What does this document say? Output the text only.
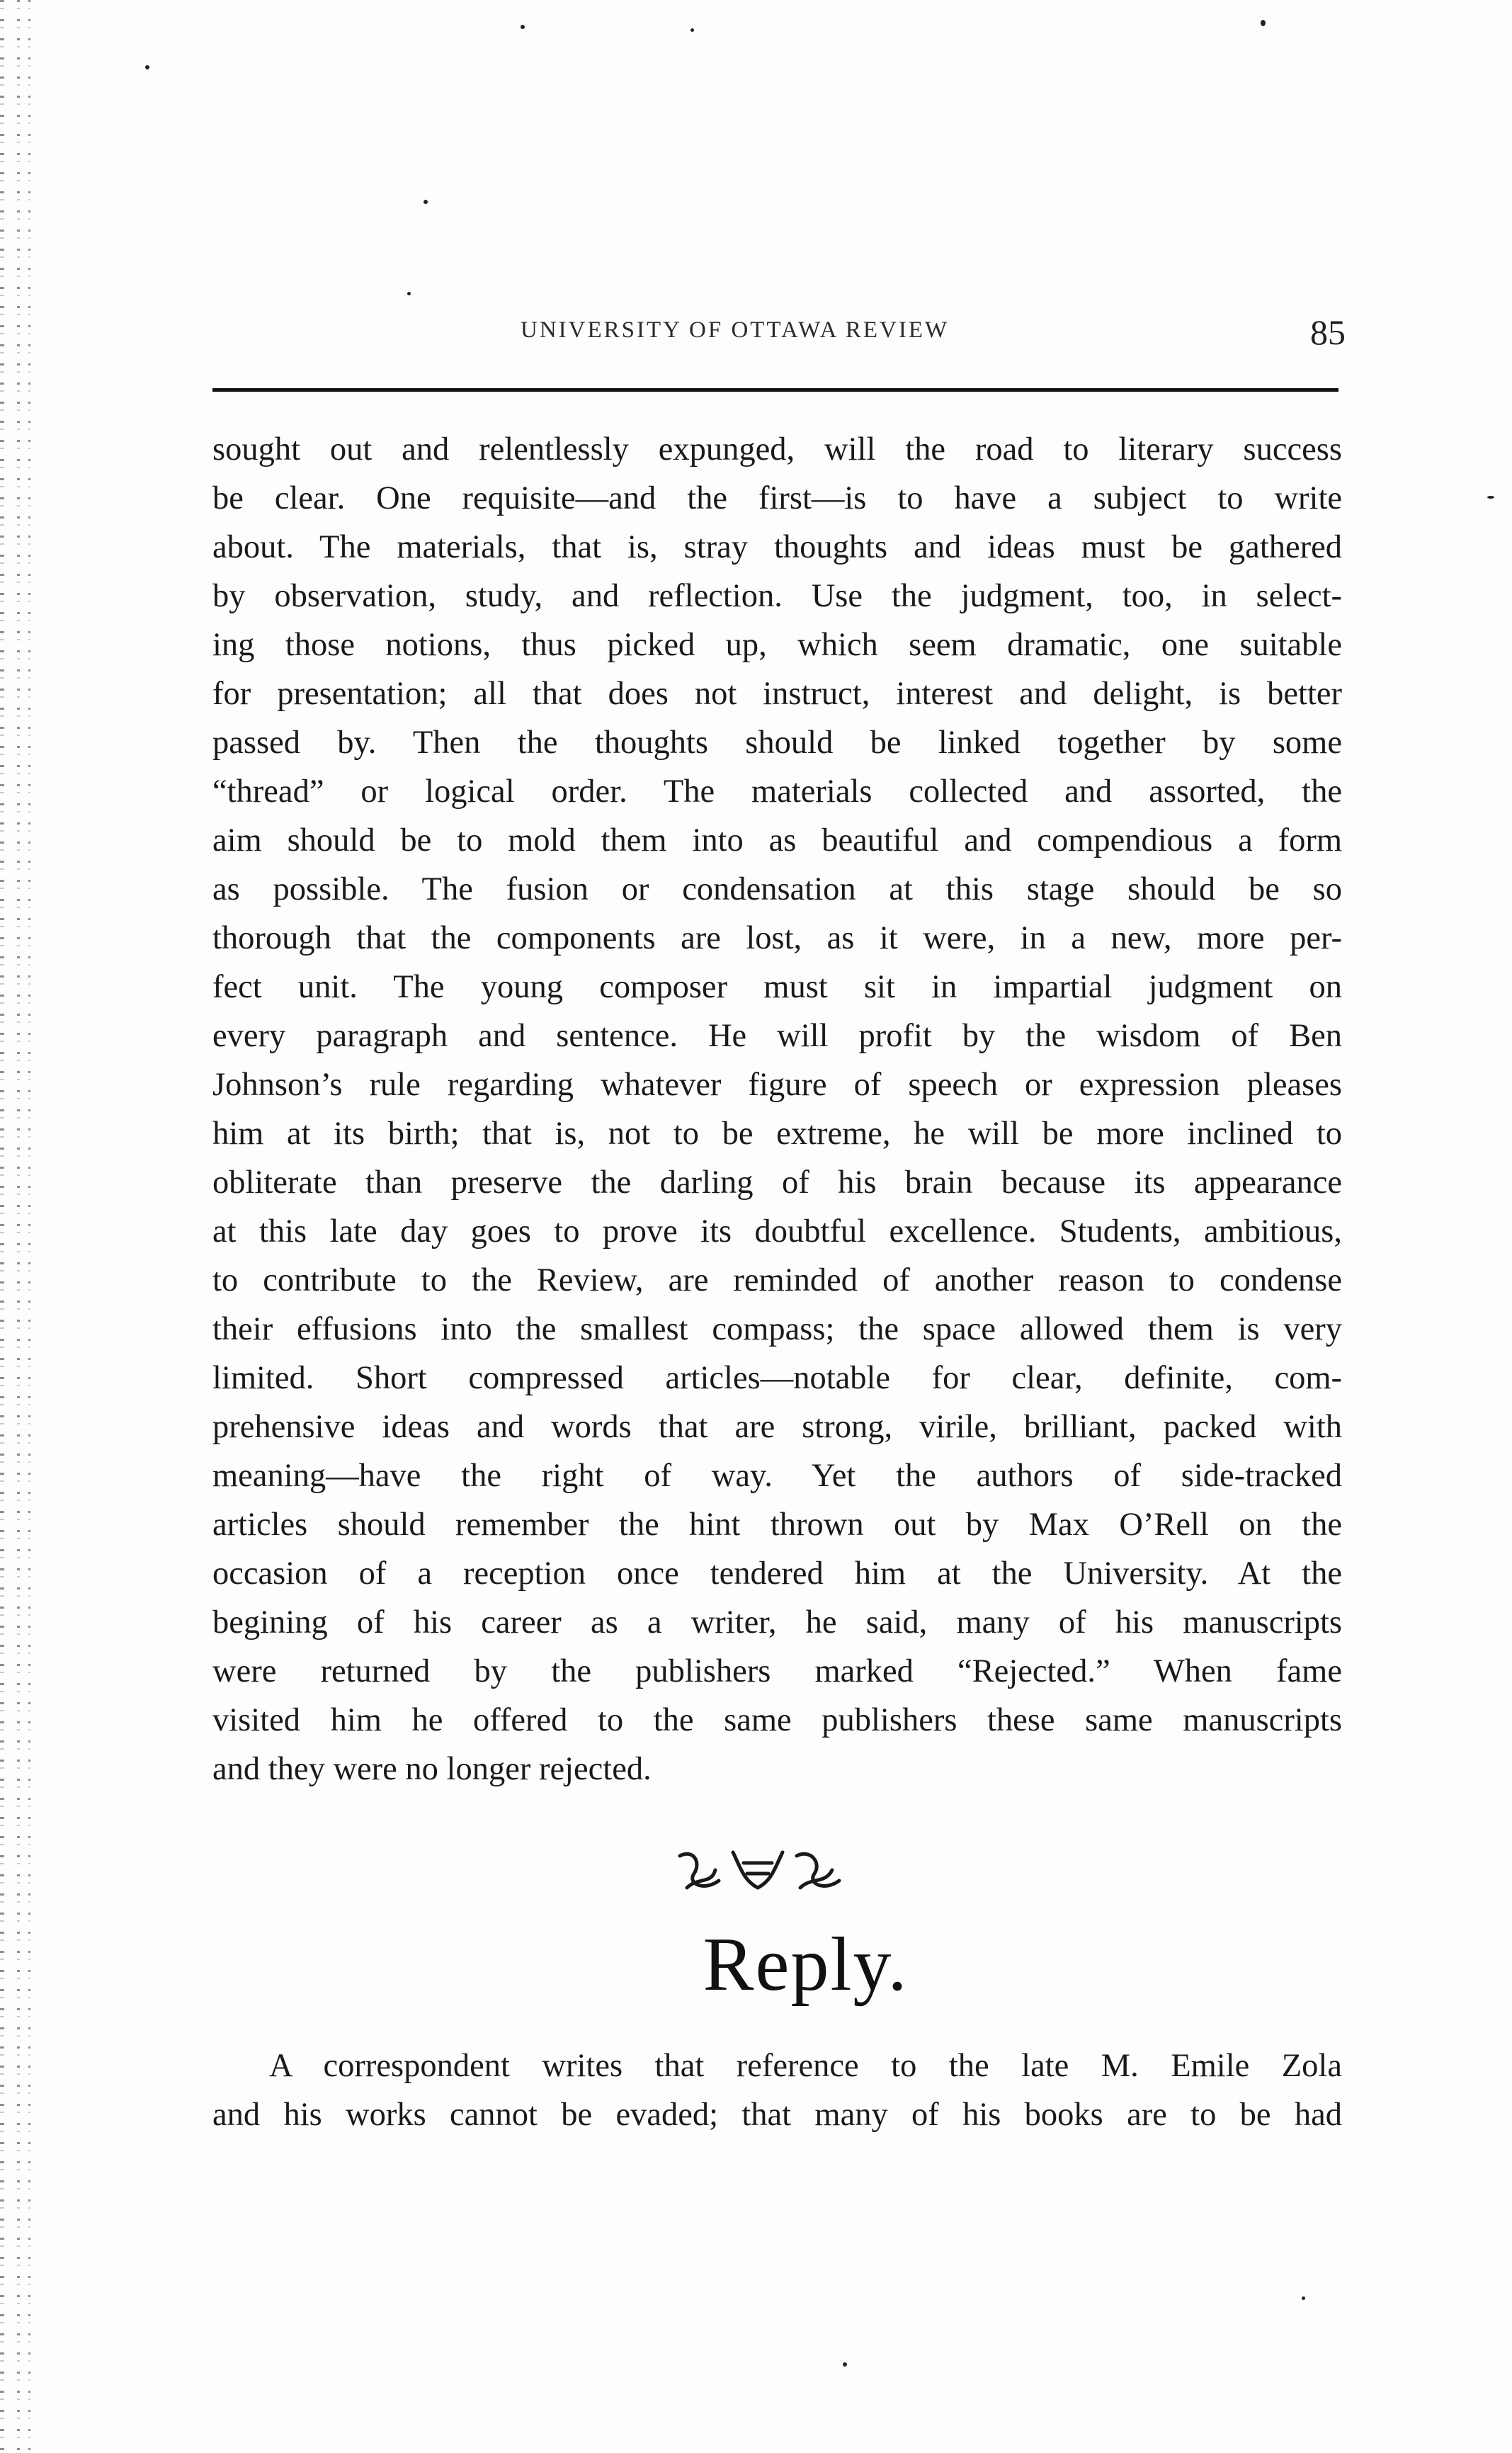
UNIVERSITY OF OTTAWA REVIEW	85
sought out and relentlessly expunged, will the road to literary success
be clear. One requisite—and the first—is to have a subject to write
about. The materials, that is, stray thoughts and ideas must be gathered
by observation, study, and reflection. Use the judgment, too, in select-
ing those notions, thus picked up, which seem dramatic, one suitable
for presentation; all that does not instruct, interest and delight, is better
passed by. Then the thoughts should be linked together by some
“thread” or logical order. The materials collected and assorted, the
aim should be to mold them into as beautiful and compendious a form
as possible. The fusion or condensation at this stage should be so
thorough that the components are lost, as it were, in a new, more per-
fect unit. The young composer must sit in impartial judgment on
every paragraph and sentence. He will profit by the wisdom of Ben
Johnson’s rule regarding whatever figure of speech or expression pleases
him at its birth; that is, not to be extreme, he will be more inclined to
obliterate than preserve the darling of his brain because its appearance
at this late day goes to prove its doubtful excellence. Students, ambitious,
to contribute to the Review, are reminded of another reason to condense
their effusions into the smallest compass; the space allowed them is very
limited. Short compressed articles—notable for clear, definite, com-
prehensive ideas and words that are strong, virile, brilliant, packed with
meaning—have the right of way. Yet the authors of side-tracked
articles should remember the hint thrown out by Max O’Rell on the
occasion of a reception once tendered him at the University. At the
begining of his career as a writer, he said, many of his manuscripts
were returned by the publishers marked “Rejected.” When fame
visited him he offered to the same publishers these same manuscripts
and they were no longer rejected.
Reply.
A correspondent writes that reference to the late M. Emile Zola
and his works cannot be evaded; that many of his books are to be had
